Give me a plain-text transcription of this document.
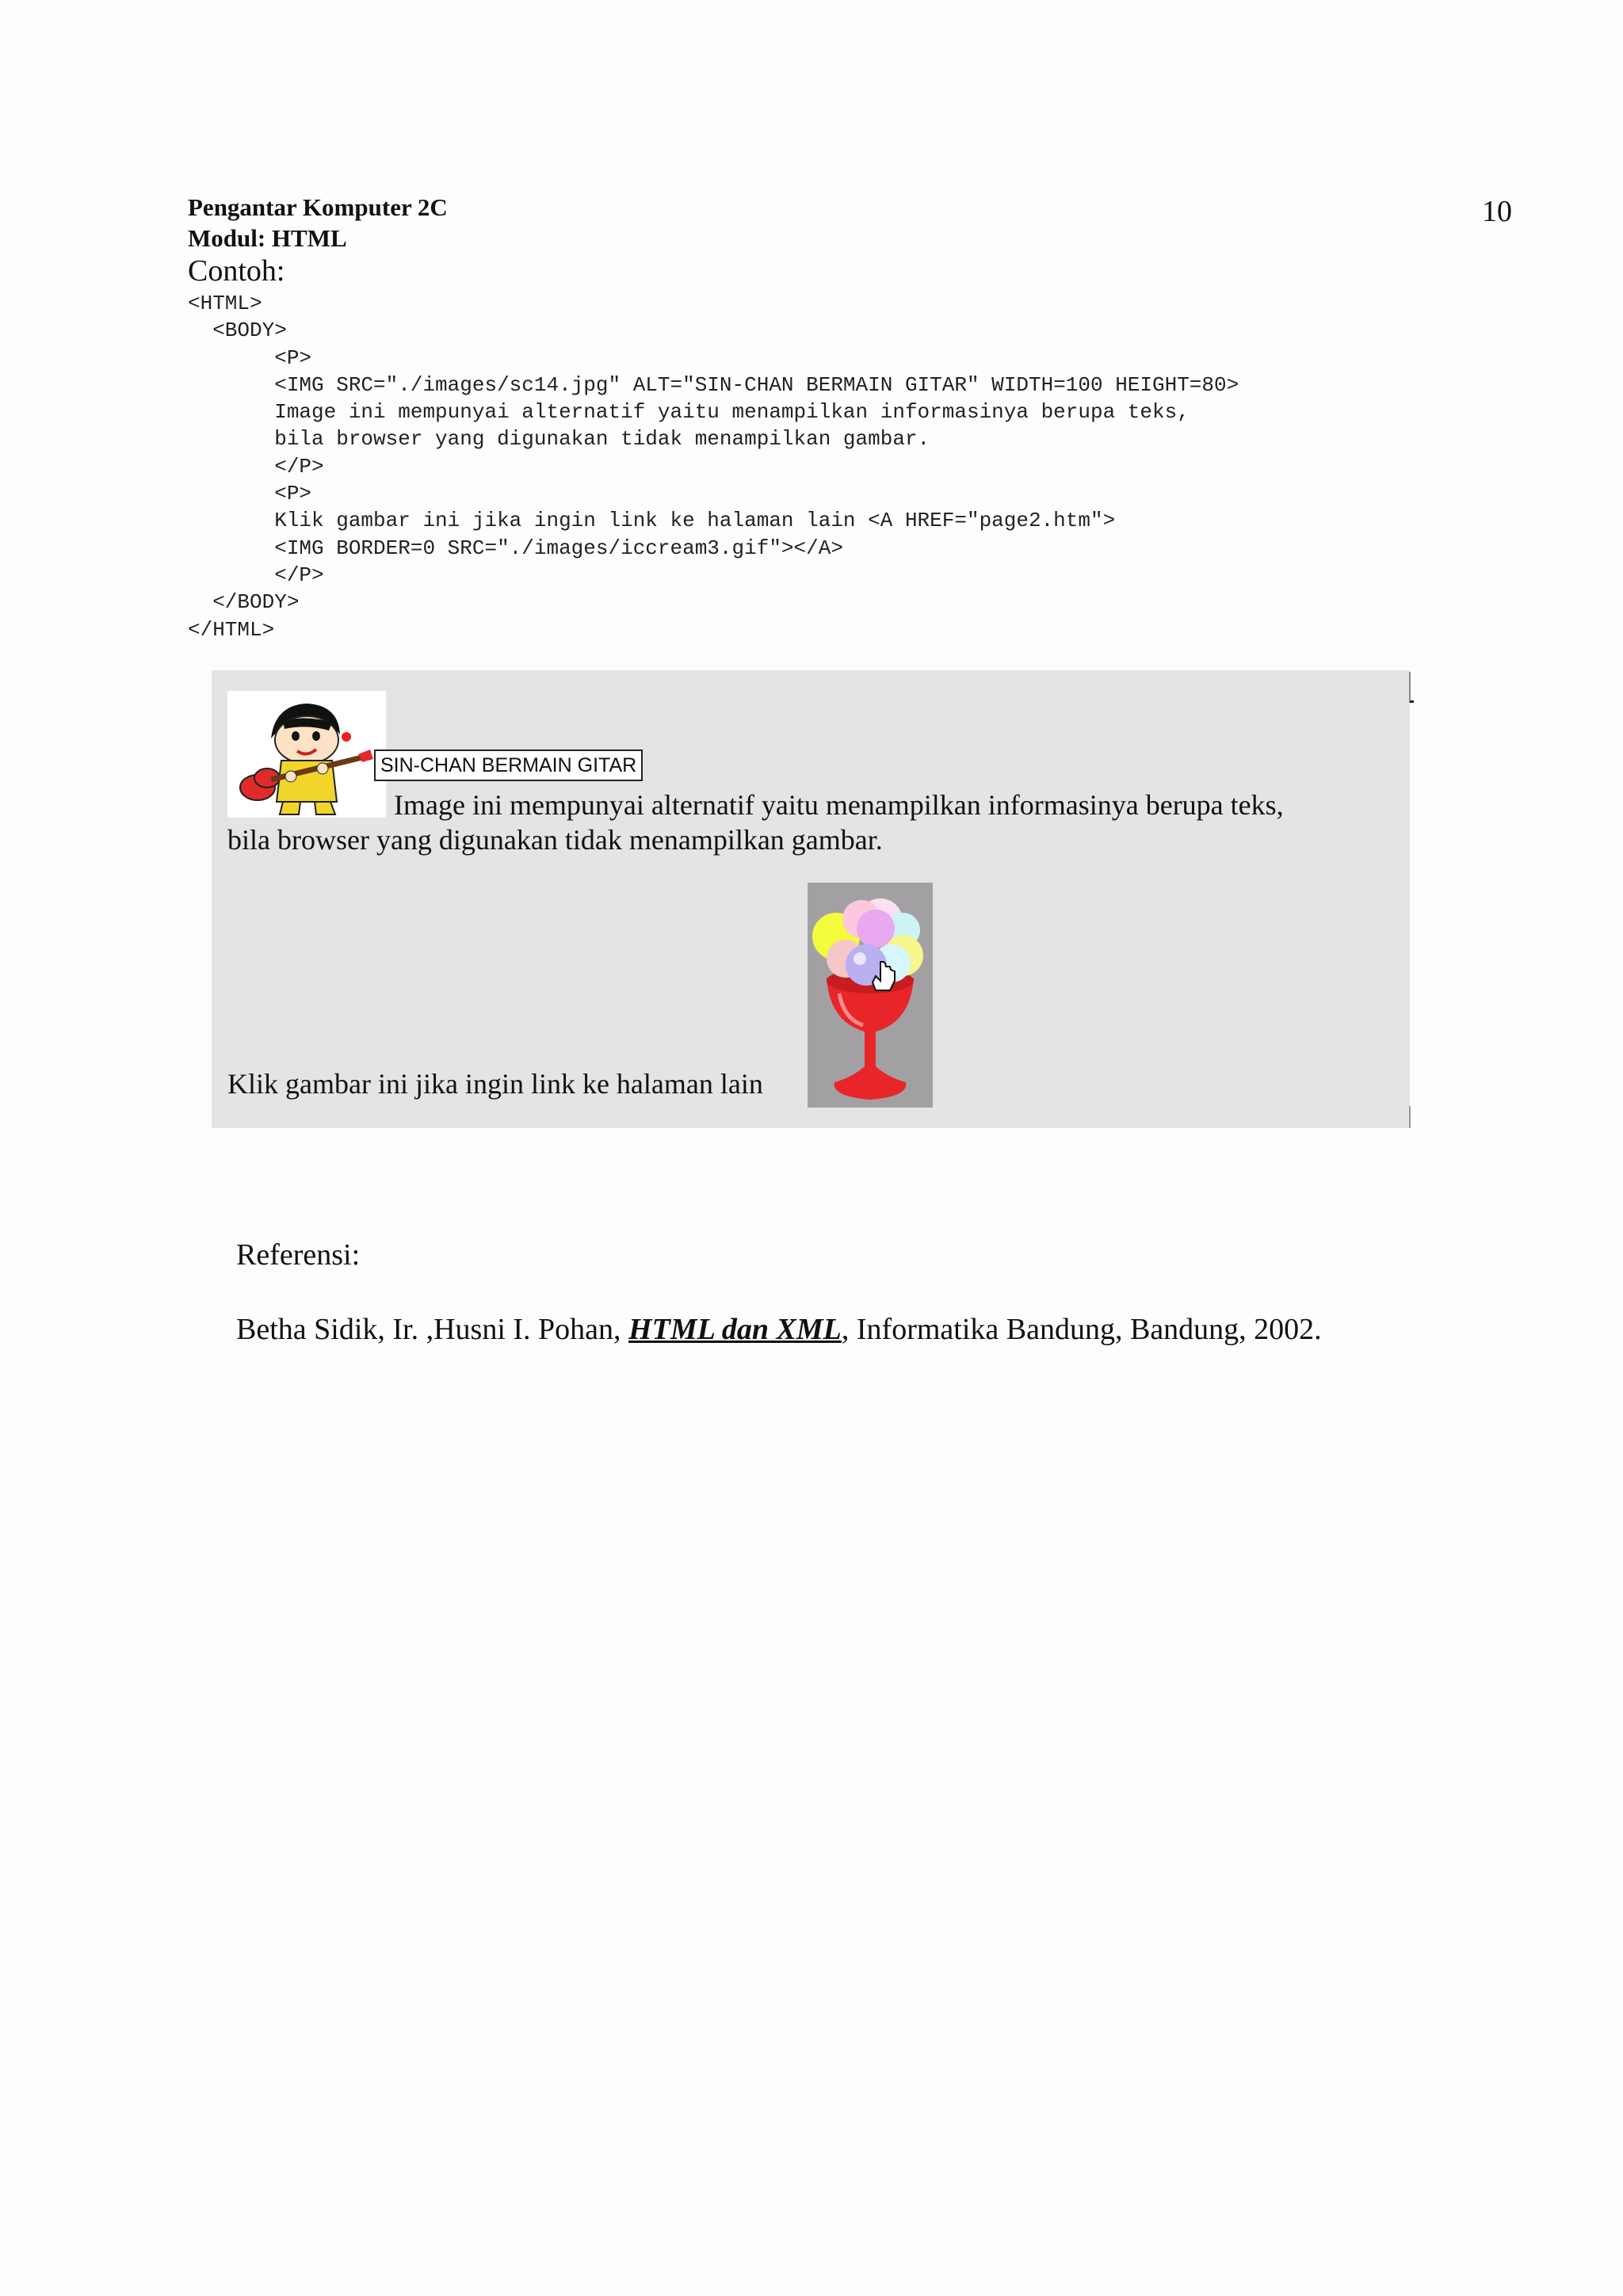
Pengantar Komputer 2C
Modul: HTML
10
Contoh:
<HTML>
<BODY>
<P>
<IMG SRC="./images/sc14.jpg" ALT="SIN-CHAN BERMAIN GITAR" WIDTH=100 HEIGHT=80>
Image ini mempunyai alternatif yaitu menampilkan informasinya berupa teks,
bila browser yang digunakan tidak menampilkan gambar.
</P>
<P>
Klik gambar ini jika ingin link ke halaman lain <A HREF="page2.htm">
<IMG BORDER=0 SRC="./images/iccream3.gif"></A>
</P>
</BODY>
</HTML>
SIN-CHAN BERMAIN GITAR
Image ini mempunyai alternatif yaitu menampilkan informasinya berupa teks,
bila browser yang digunakan tidak menampilkan gambar.
Klik gambar ini jika ingin link ke halaman lain
Referensi:
Betha Sidik, Ir. ,Husni I. Pohan, HTML dan XML, Informatika Bandung, Bandung, 2002.
